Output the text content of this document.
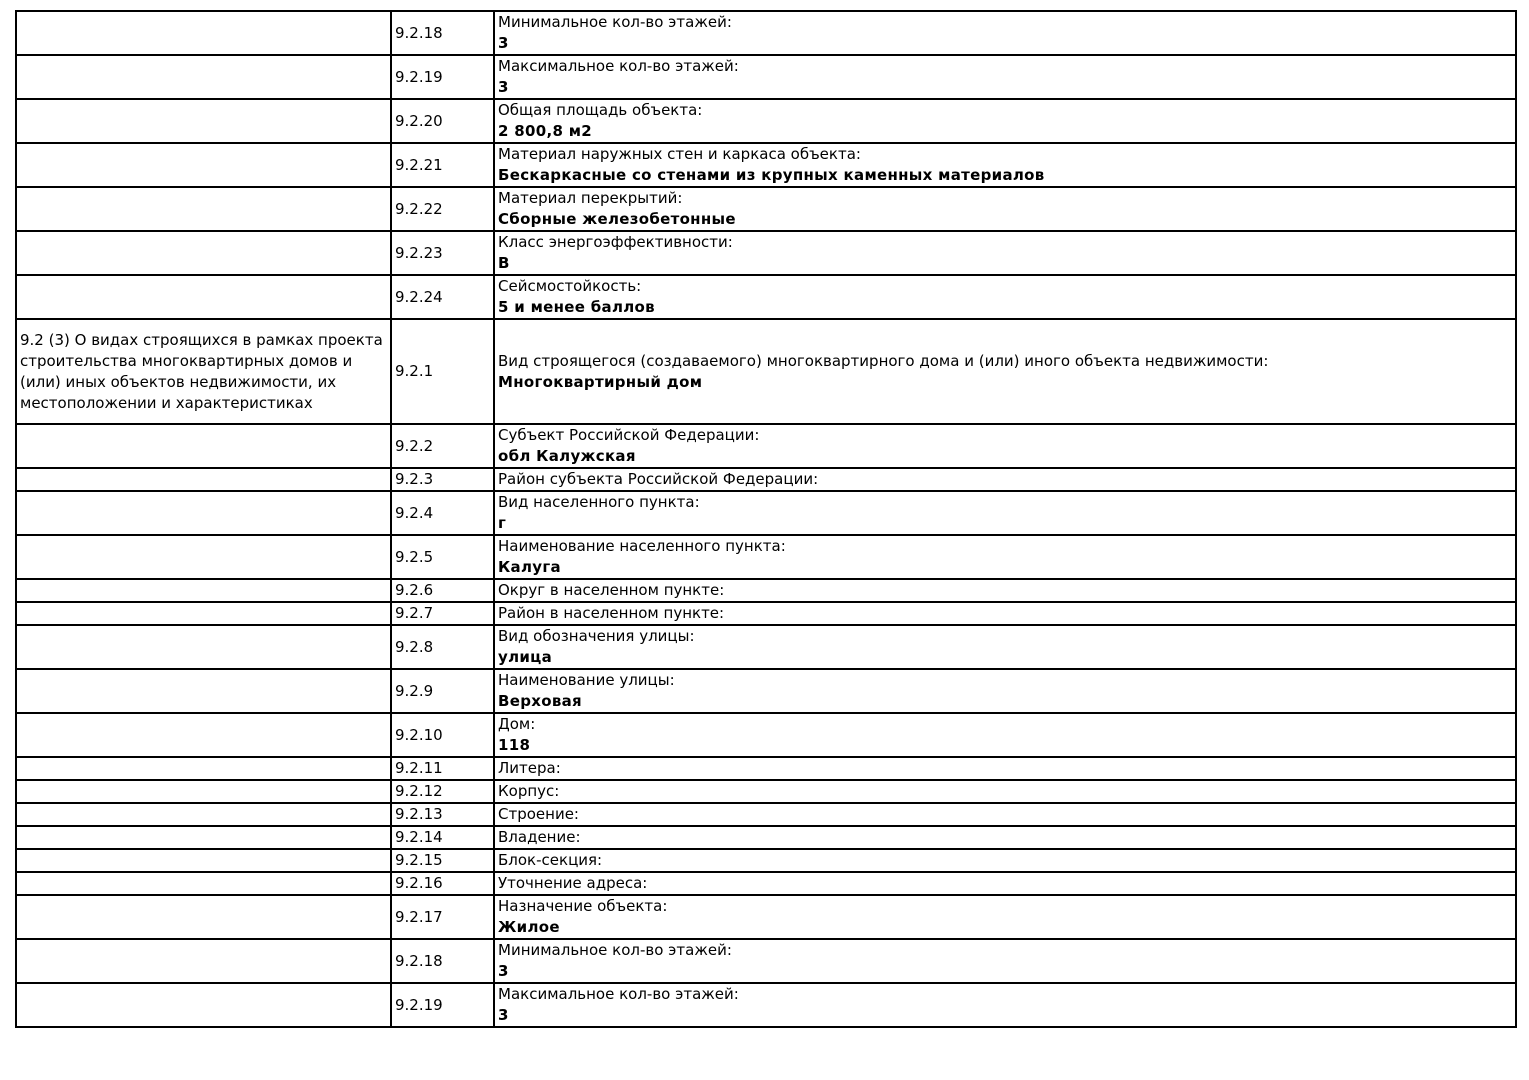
	9.2.18	Минимальное кол-во этажей:
3

	9.2.19	Максимальное кол-во этажей:
3

	9.2.20	Общая площадь объекта:
2 800,8 м2

	9.2.21	Материал наружных стен и каркаса объекта:
Бескаркасные со стенами из крупных каменных материалов

	9.2.22	Материал перекрытий:
Сборные железобетонные

	9.2.23	Класс энергоэффективности:
B

	9.2.24	Сейсмостойкость:
5 и менее баллов

9.2 (3) О видах строящихся в рамках проекта строительства многоквартирных домов и (или) иных объектов недвижимости, их местоположении и характеристиках	9.2.1	Вид строящегося (создаваемого) многоквартирного дома и (или) иного объекта недвижимости:
Многоквартирный дом

	9.2.2	Субъект Российской Федерации:
обл Калужская

	9.2.3	Район субъекта Российской Федерации:

	9.2.4	Вид населенного пункта:
г

	9.2.5	Наименование населенного пункта:
Калуга

	9.2.6	Округ в населенном пункте:

	9.2.7	Район в населенном пункте:

	9.2.8	Вид обозначения улицы:
улица

	9.2.9	Наименование улицы:
Верховая

	9.2.10	Дом:
118

	9.2.11	Литера:

	9.2.12	Корпус:

	9.2.13	Строение:

	9.2.14	Владение:

	9.2.15	Блок-секция:

	9.2.16	Уточнение адреса:

	9.2.17	Назначение объекта:
Жилое

	9.2.18	Минимальное кол-во этажей:
3

	9.2.19	Максимальное кол-во этажей:
3
